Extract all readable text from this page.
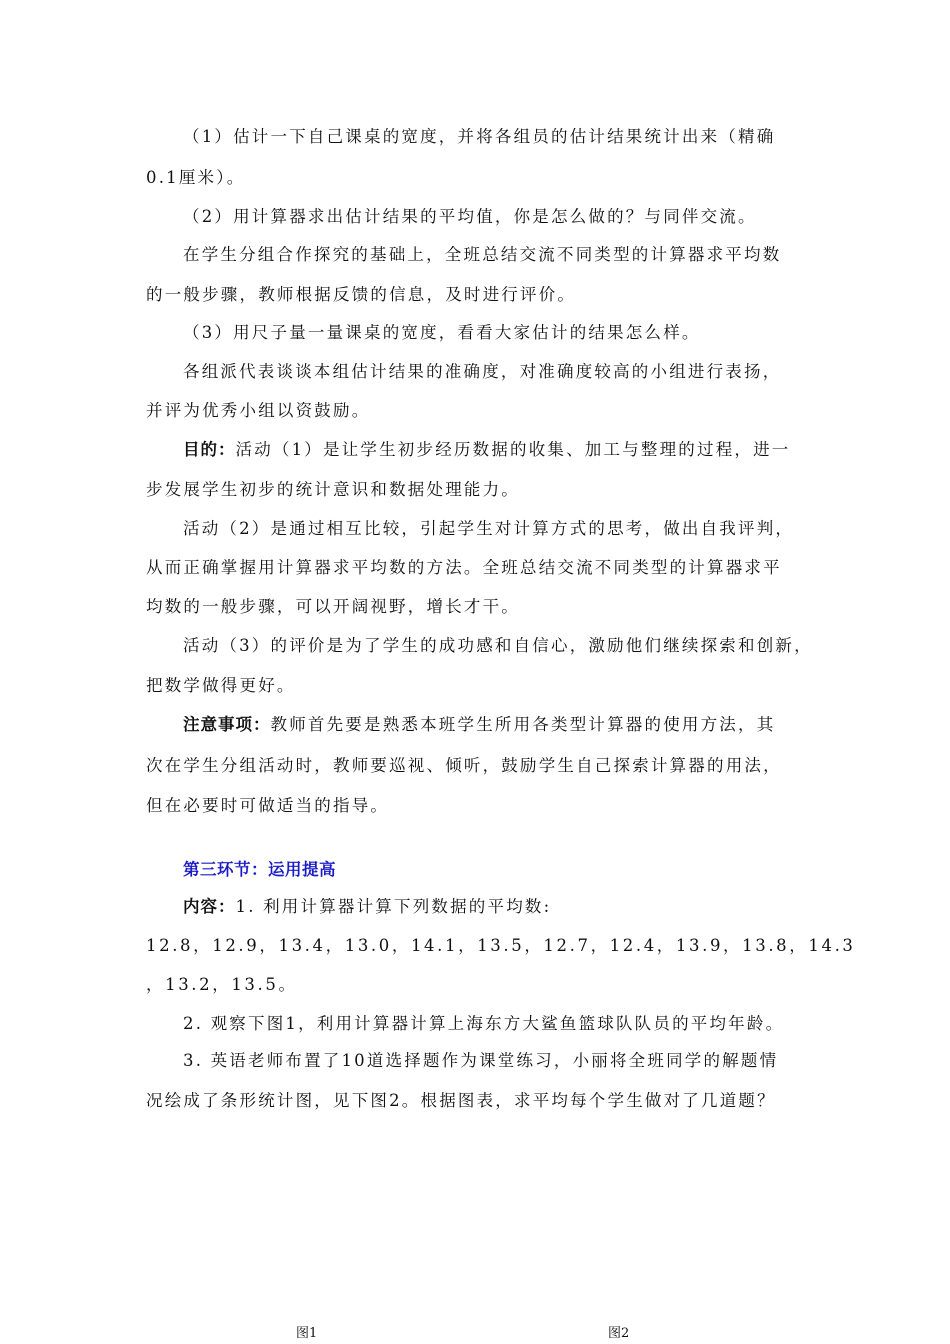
（1）估计一下自己课桌的宽度，并将各组员的估计结果统计出来（精确

0.1厘米）。

（2）用计算器求出估计结果的平均值，你是怎么做的？与同伴交流。

在学生分组合作探究的基础上，全班总结交流不同类型的计算器求平均数

的一般步骤，教师根据反馈的信息，及时进行评价。

（3）用尺子量一量课桌的宽度，看看大家估计的结果怎么样。

各组派代表谈谈本组估计结果的准确度，对准确度较高的小组进行表扬，

并评为优秀小组以资鼓励。

目的：活动（1）是让学生初步经历数据的收集、加工与整理的过程，进一

步发展学生初步的统计意识和数据处理能力。

活动（2）是通过相互比较，引起学生对计算方式的思考，做出自我评判，

从而正确掌握用计算器求平均数的方法。全班总结交流不同类型的计算器求平

均数的一般步骤，可以开阔视野，增长才干。

活动（3）的评价是为了学生的成功感和自信心，激励他们继续探索和创新，

把数学做得更好。

注意事项：教师首先要是熟悉本班学生所用各类型计算器的使用方法，其

次在学生分组活动时，教师要巡视、倾听，鼓励学生自己探索计算器的用法，

但在必要时可做适当的指导。

第三环节：运用提高

内容：1. 利用计算器计算下列数据的平均数:

12.8，12.9，13.4，13.0，14.1，13.5，12.7，12.4，13.9，13.8，14.3

，13.2，13.5。

2. 观察下图1，利用计算器计算上海东方大鲨鱼篮球队队员的平均年龄。

3. 英语老师布置了10道选择题作为课堂练习，小丽将全班同学的解题情

况绘成了条形统计图，见下图2。根据图表，求平均每个学生做对了几道题？

图1	图2
